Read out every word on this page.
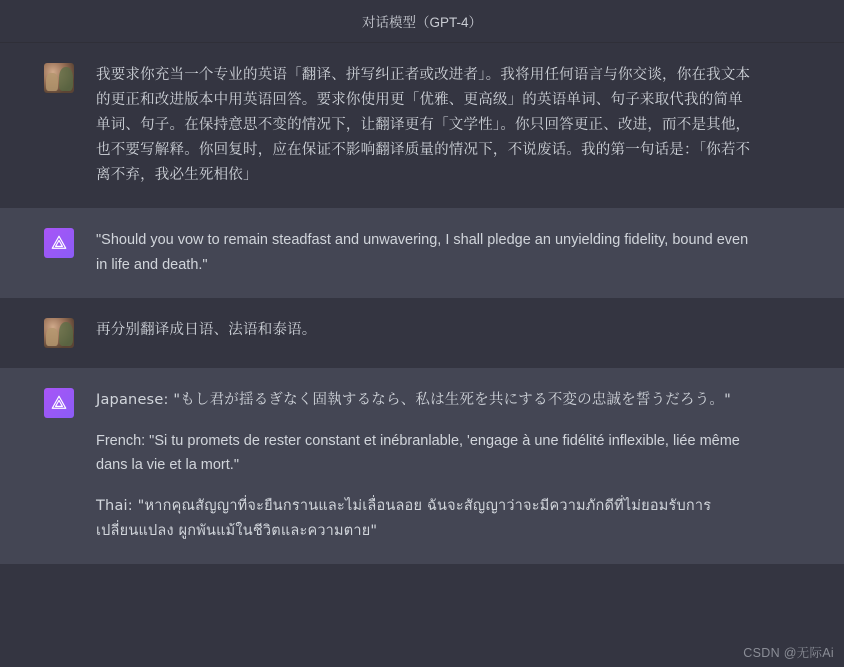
对话模型（GPT-4）

我要求你充当一个专业的英语「翻译、拼写纠正者或改进者」。我将用任何语言与你交谈，你在我文本的更正和改进版本中用英语回答。要求你使用更「优雅、更高级」的英语单词、句子来取代我的简单单词、句子。在保持意思不变的情况下，让翻译更有「文学性」。你只回答更正、改进，而不是其他，也不要写解释。你回复时，应在保证不影响翻译质量的情况下，不说废话。我的第一句话是：「你若不离不弃，我必生死相依」

"Should you vow to remain steadfast and unwavering, I shall pledge an unyielding fidelity, bound even in life and death."

再分别翻译成日语、法语和泰语。

Japanese: "もし君が揺るぎなく固執するなら、私は生死を共にする不変の忠誠を誓うだろう。"

French: "Si tu promets de rester constant et inébranlable, 'engage à une fidélité inflexible, liée même dans la vie et la mort."

Thai: "หากคุณสัญญาที่จะยืนกรานและไม่เลื่อนลอย ฉันจะสัญญาว่าจะมีความภักดีที่ไม่ยอมรับการเปลี่ยนแปลง ผูกพันแม้ในชีวิตและความตาย"

CSDN @无际Ai
